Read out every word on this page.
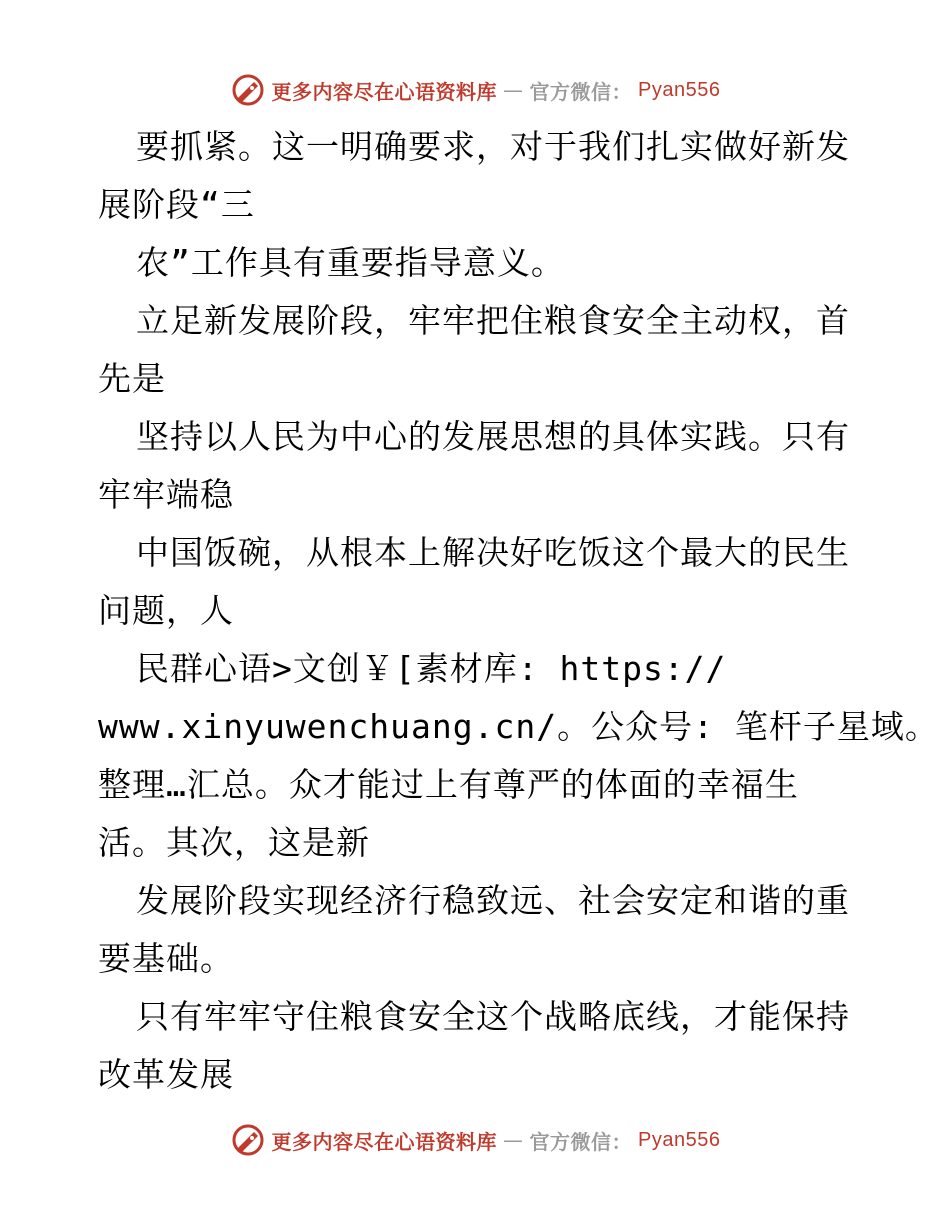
更多内容尽在心语资料库 — 官方微信： Pyan556
要抓紧。这一明确要求，对于我们扎实做好新发
展阶段“三
农”工作具有重要指导意义。
立足新发展阶段，牢牢把住粮食安全主动权，首
先是
坚持以人民为中心的发展思想的具体实践。只有
牢牢端稳
中国饭碗，从根本上解决好吃饭这个最大的民生
问题，人
民群心语>文创￥[素材库: https://
www.xinyuwenchuang.cn/。公众号: 笔杆子星域。
整理…汇总。众才能过上有尊严的体面的幸福生
活。其次，这是新
发展阶段实现经济行稳致远、社会安定和谐的重
要基础。
只有牢牢守住粮食安全这个战略底线，才能保持
改革发展
更多内容尽在心语资料库 — 官方微信： Pyan556
